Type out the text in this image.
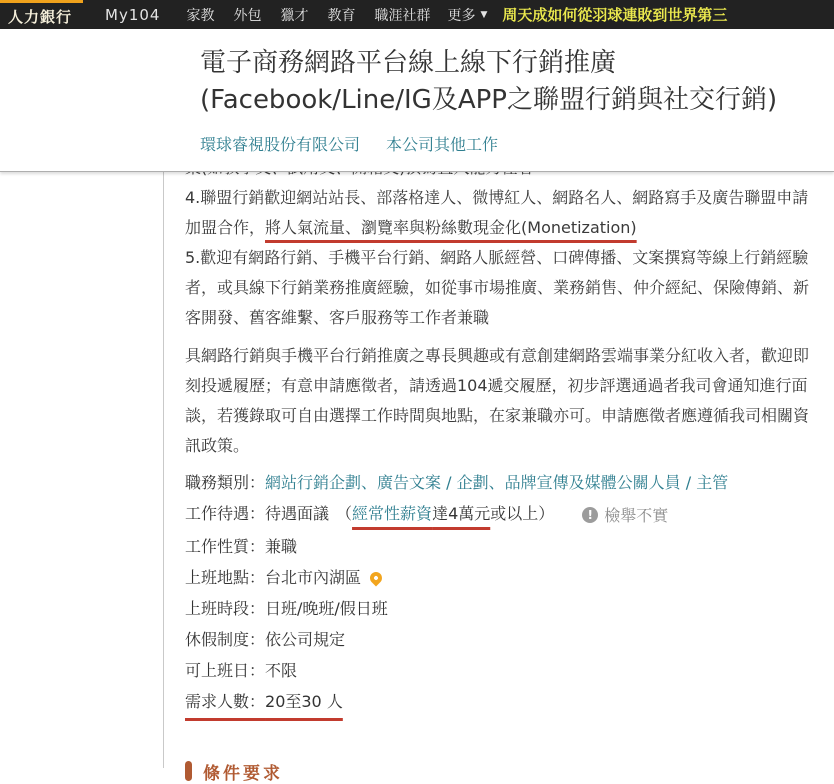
人力銀行 My104 家教 外包 獵才 教育 職涯社群 更多 ▼ 周天成如何從羽球連敗到世界第三
電子商務網路平台線上線下行銷推廣
(Facebook/Line/IG及APP之聯盟行銷與社交行銷)
環球睿視股份有限公司 本公司其他工作

4.聯盟行銷歡迎網站站長、部落格達人、微博紅人、網路名人、網路寫手及廣告聯盟申請加盟合作，將人氣流量、瀏覽率與粉絲數現金化(Monetization)

5.歡迎有網路行銷、手機平台行銷、網路人脈經營、口碑傳播、文案撰寫等線上行銷經驗者，或具線下行銷業務推廣經驗，如從事市場推廣、業務銷售、仲介經紀、保險傳銷、新客開發、舊客維繫、客戶服務等工作者兼職

具網路行銷與手機平台行銷推廣之專長興趣或有意創建網路雲端事業分紅收入者，歡迎即刻投遞履歷；有意申請應徵者，請透過104遞交履歷，初步評選通過者我司會通知進行面談，若獲錄取可自由選擇工作時間與地點，在家兼職亦可。申請應徵者應遵循我司相關資訊政策。

職務類別：網站行銷企劃、廣告文案 / 企劃、品牌宣傳及媒體公關人員 / 主管
工作待遇：待遇面議 （經常性薪資達4萬元或以上）	! 檢舉不實
工作性質：兼職
上班地點：台北市內湖區
上班時段：日班/晚班/假日班
休假制度：依公司規定
可上班日：不限
需求人數：20至30 人
條件要求
